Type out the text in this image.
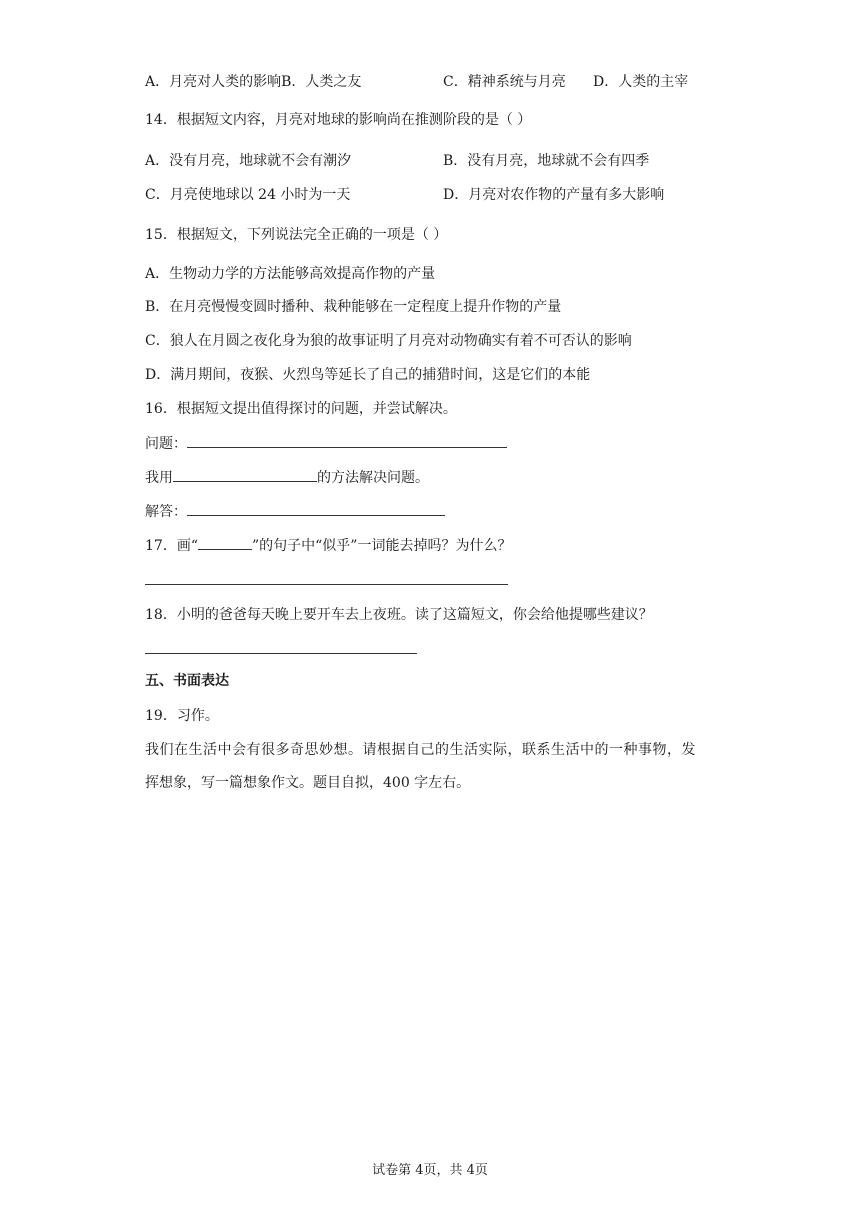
A．月亮对人类的影响B．人类之友	C．精神系统与月亮 D．人类的主宰
14．根据短文内容，月亮对地球的影响尚在推测阶段的是（ ）
A．没有月亮，地球就不会有潮汐	B．没有月亮，地球就不会有四季
C．月亮使地球以 24 小时为一天	D．月亮对农作物的产量有多大影响
15．根据短文，下列说法完全正确的一项是（ ）
A．生物动力学的方法能够高效提高作物的产量
B．在月亮慢慢变圆时播种、栽种能够在一定程度上提升作物的产量
C．狼人在月圆之夜化身为狼的故事证明了月亮对动物确实有着不可否认的影响
D．满月期间，夜猴、火烈鸟等延长了自己的捕猎时间，这是它们的本能
16．根据短文提出值得探讨的问题，并尝试解决。
问题：
我用	的方法解决问题。
解答：
17．画“	”的句子中“似乎”一词能去掉吗？为什么？
18．小明的爸爸每天晚上要开车去上夜班。读了这篇短文，你会给他提哪些建议？
五、书面表达
19．习作。
我们在生活中会有很多奇思妙想。请根据自己的生活实际，联系生活中的一种事物，发
挥想象，写一篇想象作文。题目自拟，400 字左右。
试卷第 4页，共 4页
